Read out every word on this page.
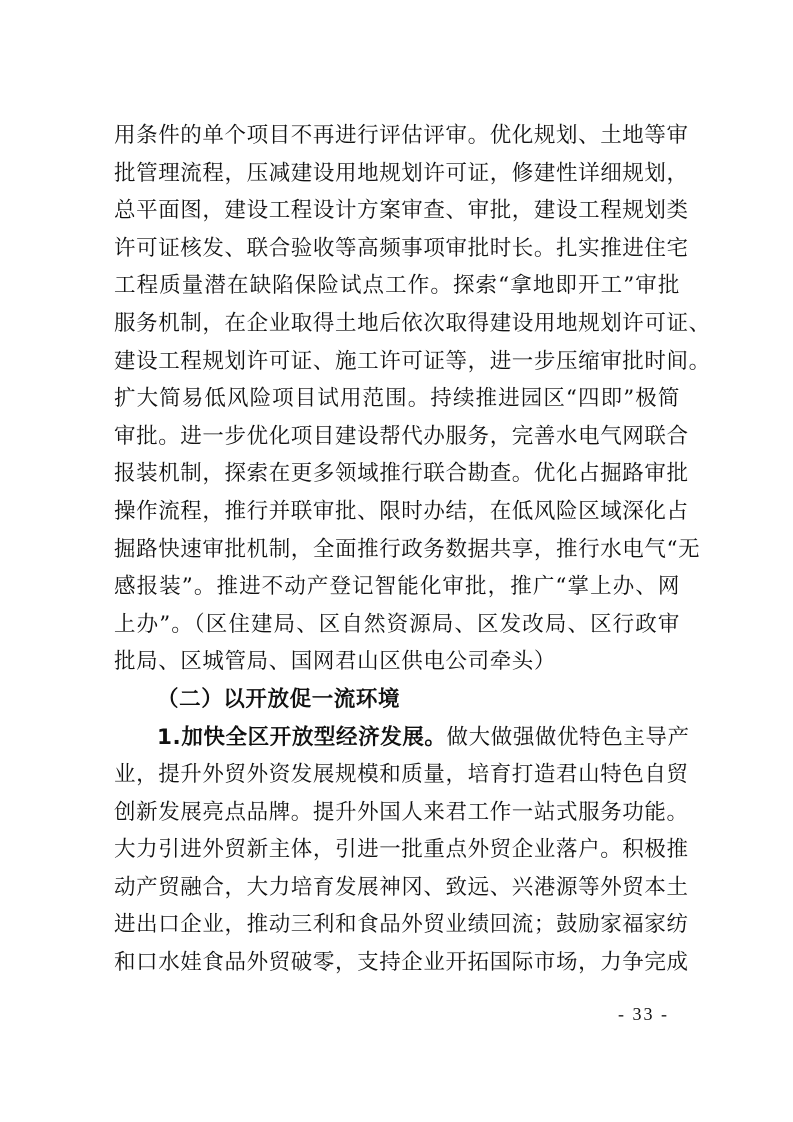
用条件的单个项目不再进行评估评审。优化规划、土地等审
批管理流程，压减建设用地规划许可证，修建性详细规划，
总平面图，建设工程设计方案审查、审批，建设工程规划类
许可证核发、联合验收等高频事项审批时长。扎实推进住宅
工程质量潜在缺陷保险试点工作。探索“拿地即开工”审批
服务机制，在企业取得土地后依次取得建设用地规划许可证、
建设工程规划许可证、施工许可证等，进一步压缩审批时间。
扩大简易低风险项目试用范围。持续推进园区“四即”极简
审批。进一步优化项目建设帮代办服务，完善水电气网联合
报装机制，探索在更多领域推行联合勘查。优化占掘路审批
操作流程，推行并联审批、限时办结，在低风险区域深化占
掘路快速审批机制，全面推行政务数据共享，推行水电气“无
感报装”。推进不动产登记智能化审批，推广“掌上办、网
上办”。（区住建局、区自然资源局、区发改局、区行政审
批局、区城管局、国网君山区供电公司牵头）
（二）以开放促一流环境
1.加快全区开放型经济发展。做大做强做优特色主导产
业，提升外贸外资发展规模和质量，培育打造君山特色自贸
创新发展亮点品牌。提升外国人来君工作一站式服务功能。
大力引进外贸新主体，引进一批重点外贸企业落户。积极推
动产贸融合，大力培育发展神冈、致远、兴港源等外贸本土
进出口企业，推动三利和食品外贸业绩回流；鼓励家福家纺
和口水娃食品外贸破零，支持企业开拓国际市场，力争完成
- 33 -
